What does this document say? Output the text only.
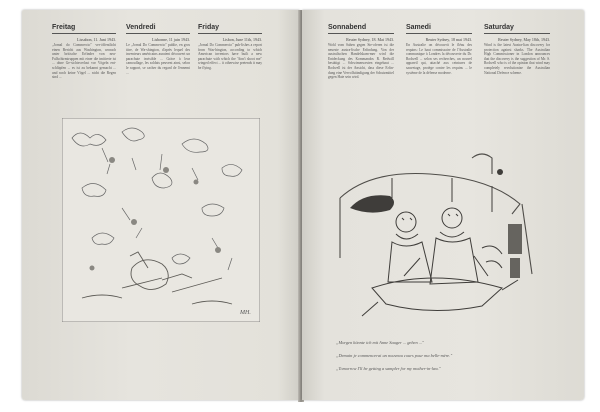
Freitag
Lissabon, 11. Juni 1943.
„Jornal do Commercio" ver-öffentlicht einen Bericht aus Washington, wonach unter britische Erfinder von neu-Fallschirmtruppen mit einer die imitierte ist ... ohne Ge-sichtsverlust vor Vögeln ent-schlüpfen ... es ist zu bekannt gemacht ... und noch keine Vögel ... nicht die Regen sind ...
Vendredi
Lisbonne, 11 juin 1943.
Le „Jornal Do Commercio" publie, en gros titre, de Wa-shington, d'après lequel des inventeurs américains auraient découvert un parachute invisible ... Gräce à leur camouflage, les soldats peuvent ainsi, selon le rapport, se cacher du regard de l'ennemi ...
Friday
Lisbon, June 11th, 1943.
„Jornal Do Commercio" pub-lishes a report from Was-hington, according to which American inventors have built a new parachute with which the "don't shoot me" winged effect ... it otherwise pretends it may be flying.
MH.
Sonnabend
Reuter Sydney, 18. Mai 1943.
Wohl vom Sahen gegen Sie-oferen ist die neueste austra-lische Erfindung. Von der australischen Handelskam-mer wird die Entdeckung des Kommandos R. Redwill bestätigt ... Schwimmwesten eingebaut ... Rodwell ist der Ansicht, dass diese Erfin-dung eine Vervollständigung der Schutzmittel gegen Haie sein wird.
Samedi
Reuter Sydney, 18 mai 1943.
En Australie on découvrit le fléau des requins: Le haut commissaire de l'Australie communique à Londres la découverte du Dr. Rodwell ... selon ses recherches, un nouvel appareil qui, attaché aux ceintures de sauvetage, protège contre les requins ... le système de la défense moderne.
Saturday
Reuter Sydney, May 18th, 1943.
Wind is the latest Austra-lian discovery for protection against sharks. The Australian High Commissioner in London announces that the discovery is the suggestion of Mr. S. Rodwell who is of the opinion that wind may completely revolutionize the Australian National Defence scheme.
„Morgen könnte ich mit Anne Sauger ... gehen ..."
„Demain je commencerai un nouveau cours pour ma belle-mère."
„Tomorrow I'll be getting a sampler for my mother-in-law."
